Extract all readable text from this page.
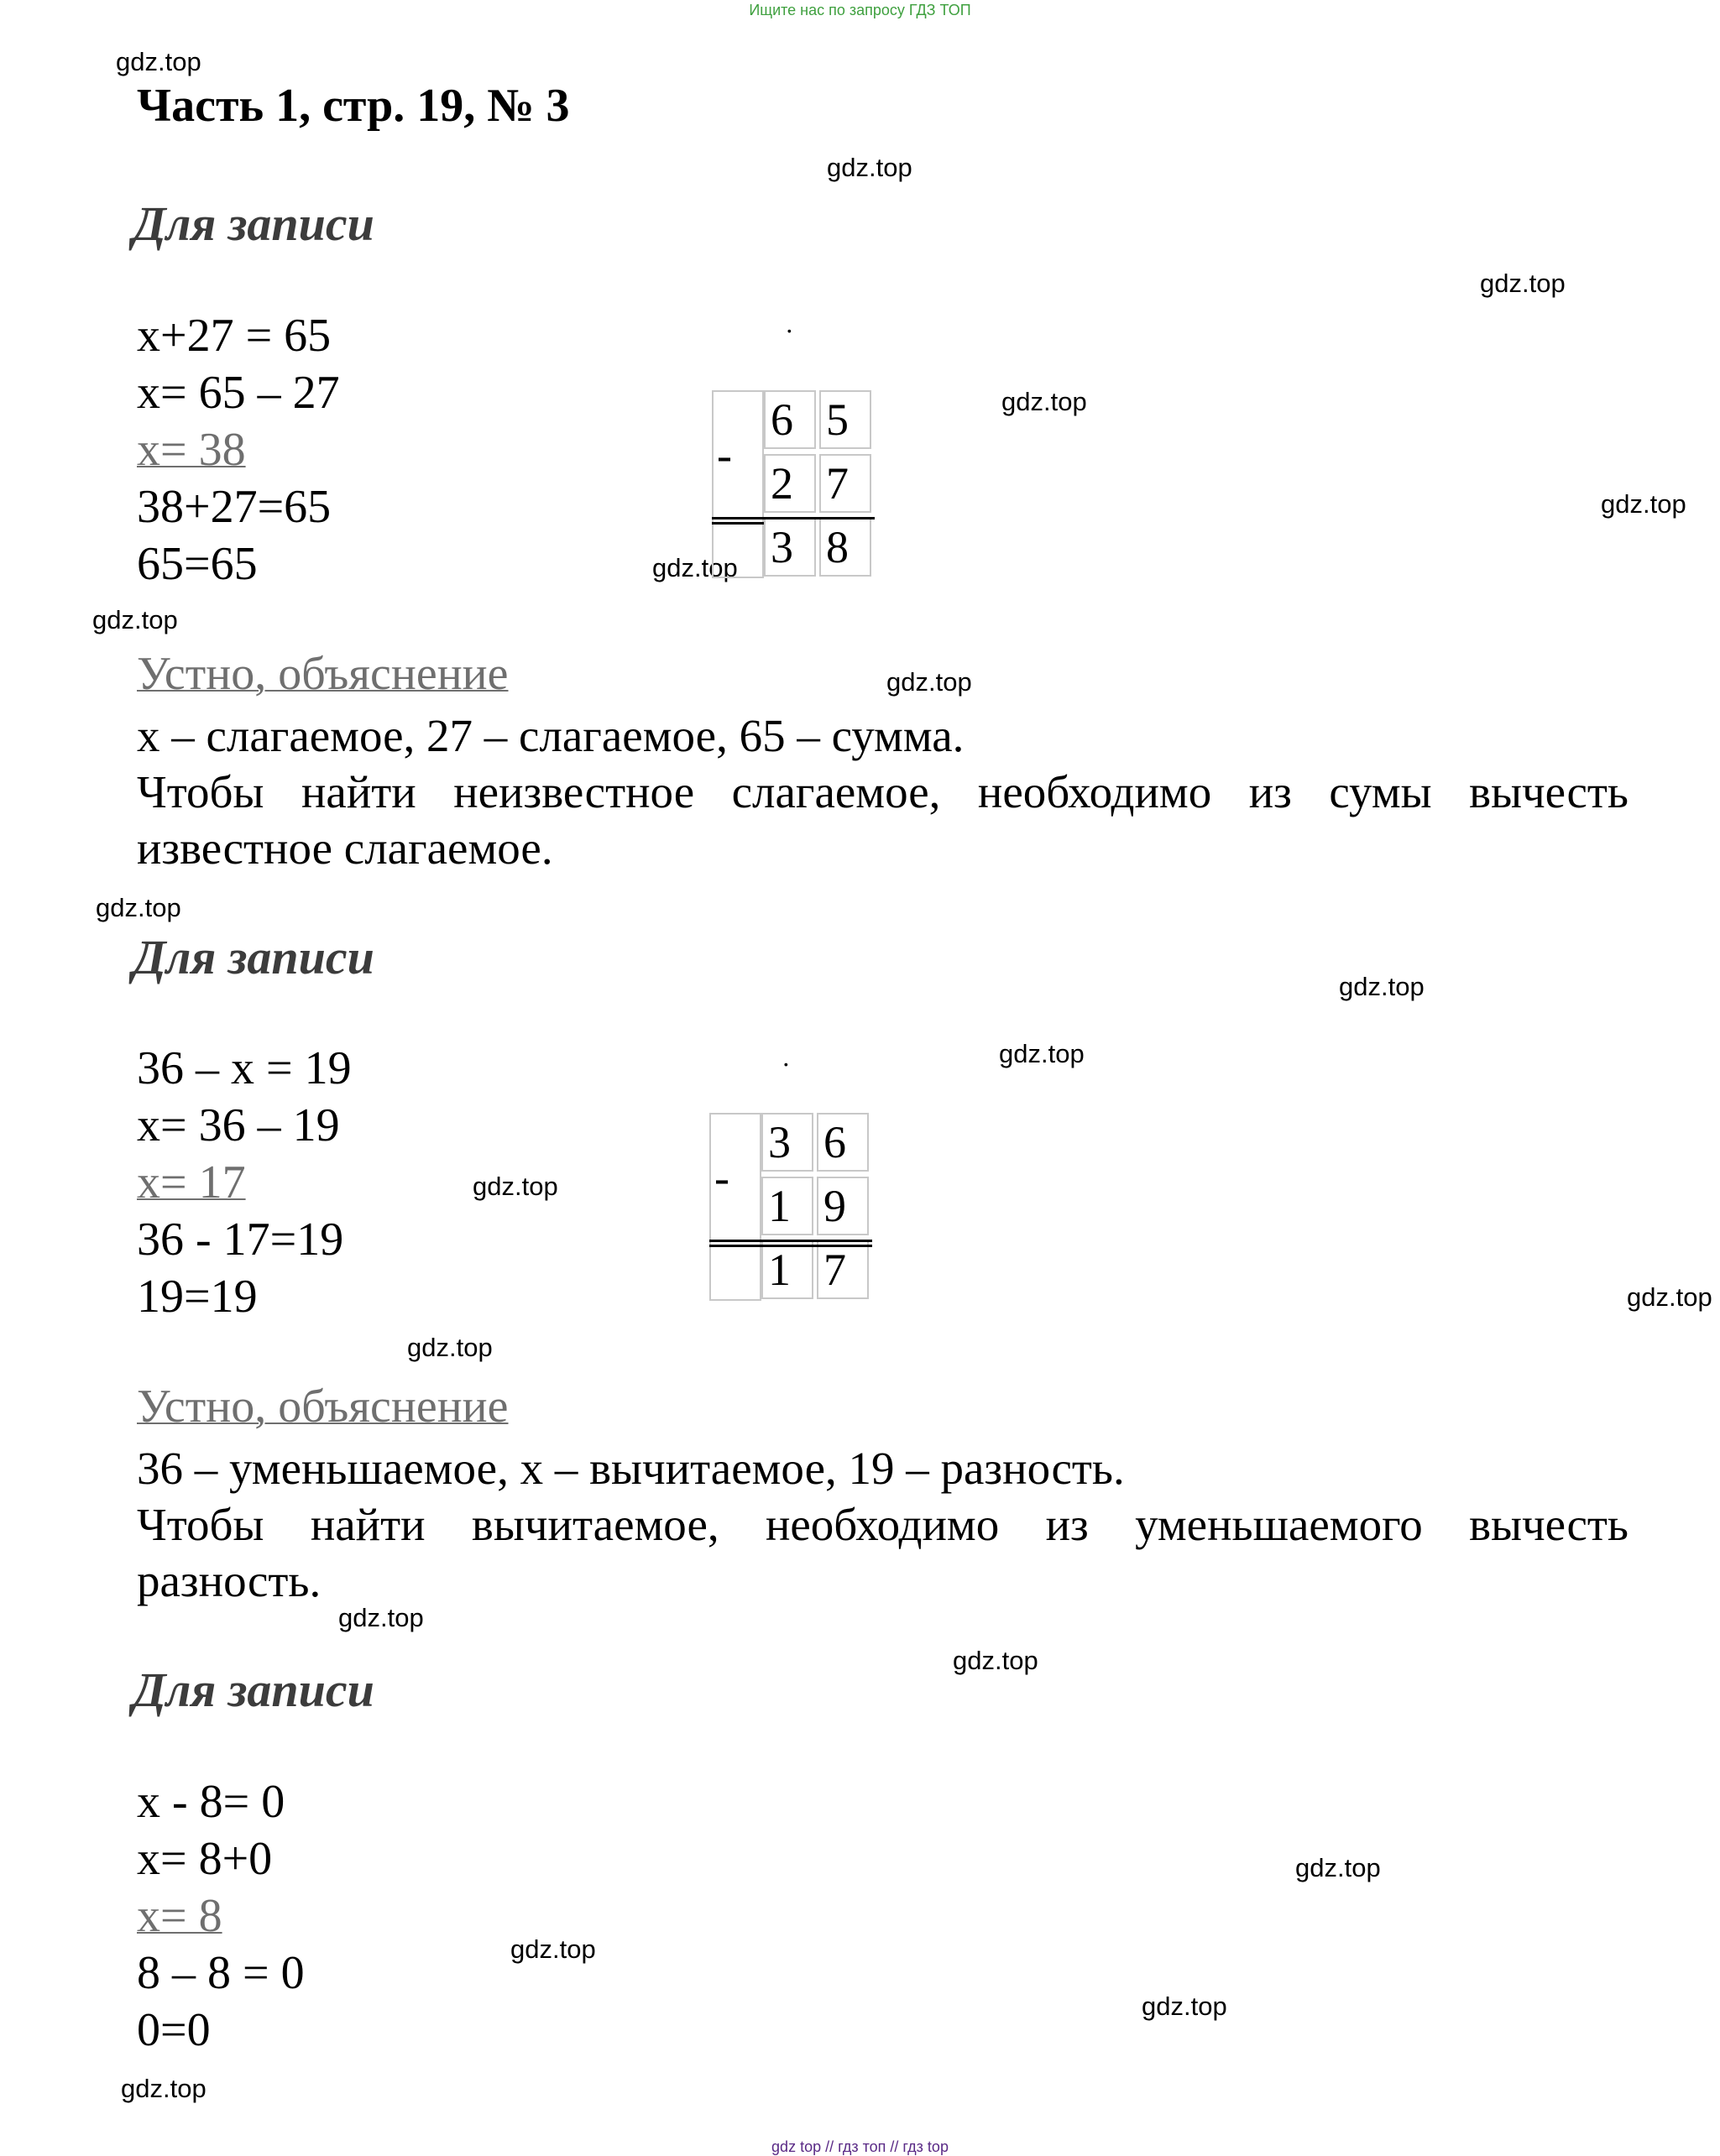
Ищите нас по запросу ГДЗ ТОП
gdz.top
gdz.top
gdz.top
gdz.top
gdz.top
gdz.top
gdz.top
gdz.top
gdz.top
gdz.top
gdz.top
gdz.top
gdz.top
gdz.top
gdz.top
gdz.top
gdz.top
gdz.top
gdz.top
gdz.top
Часть 1, стр. 19, № 3
Для записи
x+27 = 65
x= 65 – 27
x= 38
38+27=65
65=65
·
-
6 5
2 7
3 8
Устно, объяснение
x – слагаемое, 27 – слагаемое, 65 – сумма.
Чтобы найти неизвестное слагаемое, необходимо из сумы вычесть
известное слагаемое.
Для записи
36 – x = 19
x= 36 – 19
x= 17
36 - 17=19
19=19
·
-
3 6
1 9
1 7
Устно, объяснение
36 – уменьшаемое, x – вычитаемое, 19 – разность.
Чтобы найти вычитаемое, необходимо из уменьшаемого вычесть
разность.
Для записи
x - 8= 0
x= 8+0
x= 8
8 – 8 = 0
0=0
gdz top // гдз топ // гдз top
